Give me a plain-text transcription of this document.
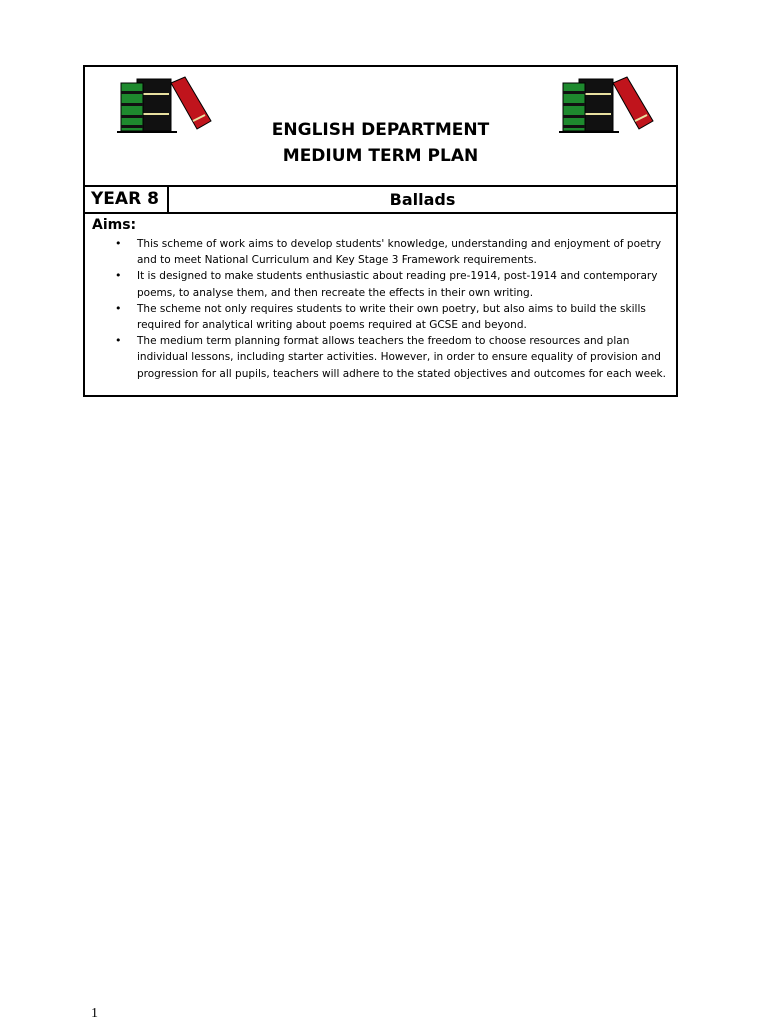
ENGLISH DEPARTMENT
MEDIUM TERM PLAN
YEAR 8	Ballads
Aims:
• This scheme of work aims to develop students' knowledge, understanding and enjoyment of poetry and to meet National Curriculum and Key Stage 3 Framework requirements.
• It is designed to make students enthusiastic about reading pre-1914, post-1914 and contemporary poems, to analyse them, and then recreate the effects in their own writing.
• The scheme not only requires students to write their own poetry, but also aims to build the skills required for analytical writing about poems required at GCSE and beyond.
• The medium term planning format allows teachers the freedom to choose resources and plan individual lessons, including starter activities. However, in order to ensure equality of provision and progression for all pupils, teachers will adhere to the stated objectives and outcomes for each week.
1
